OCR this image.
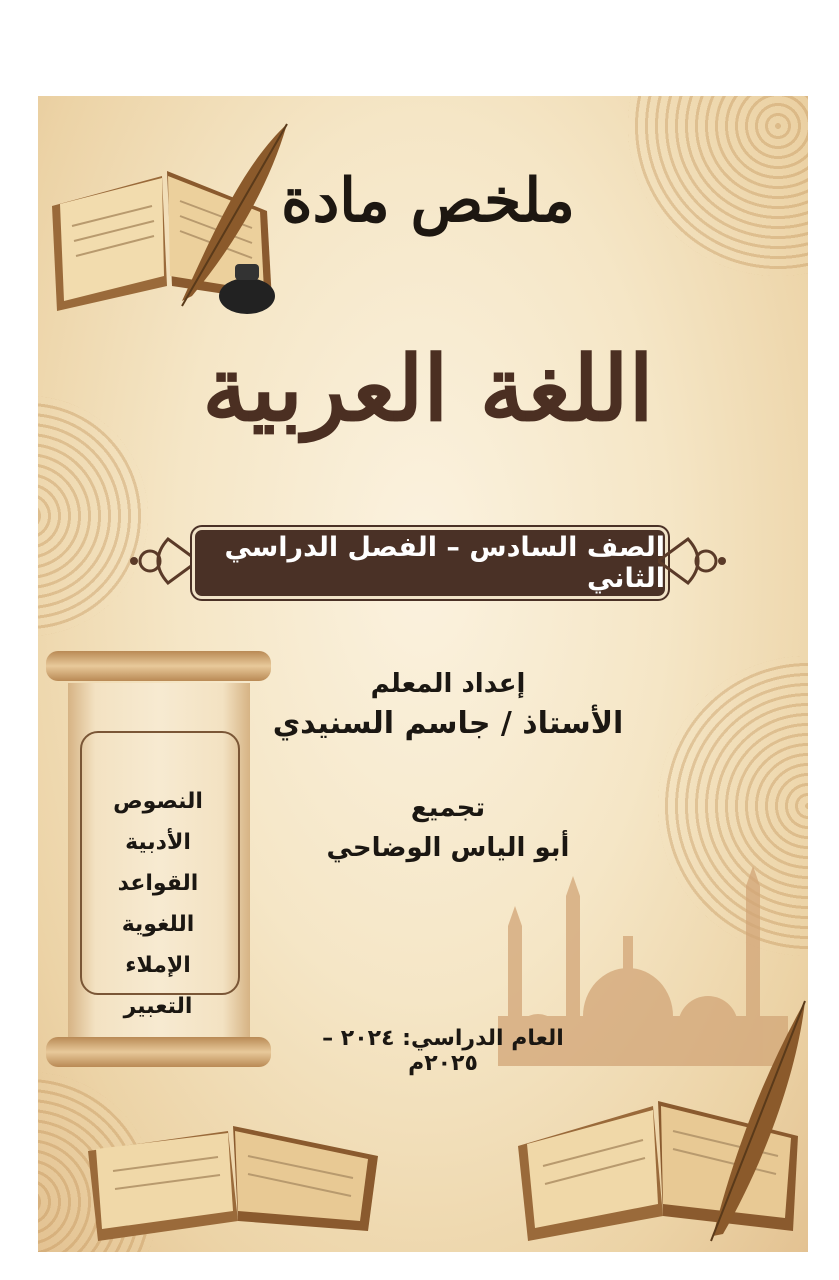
ملخص مادة
اللغة العربية
الصف السادس – الفصل الدراسي الثاني
النصوص الأدبية
القواعد اللغوية
الإملاء
التعبير
إعداد المعلم
الأستاذ / جاسم السنيدي
تجميع
أبو الياس الوضاحي
العام الدراسي: ٢٠٢٤ – ٢٠٢٥م
